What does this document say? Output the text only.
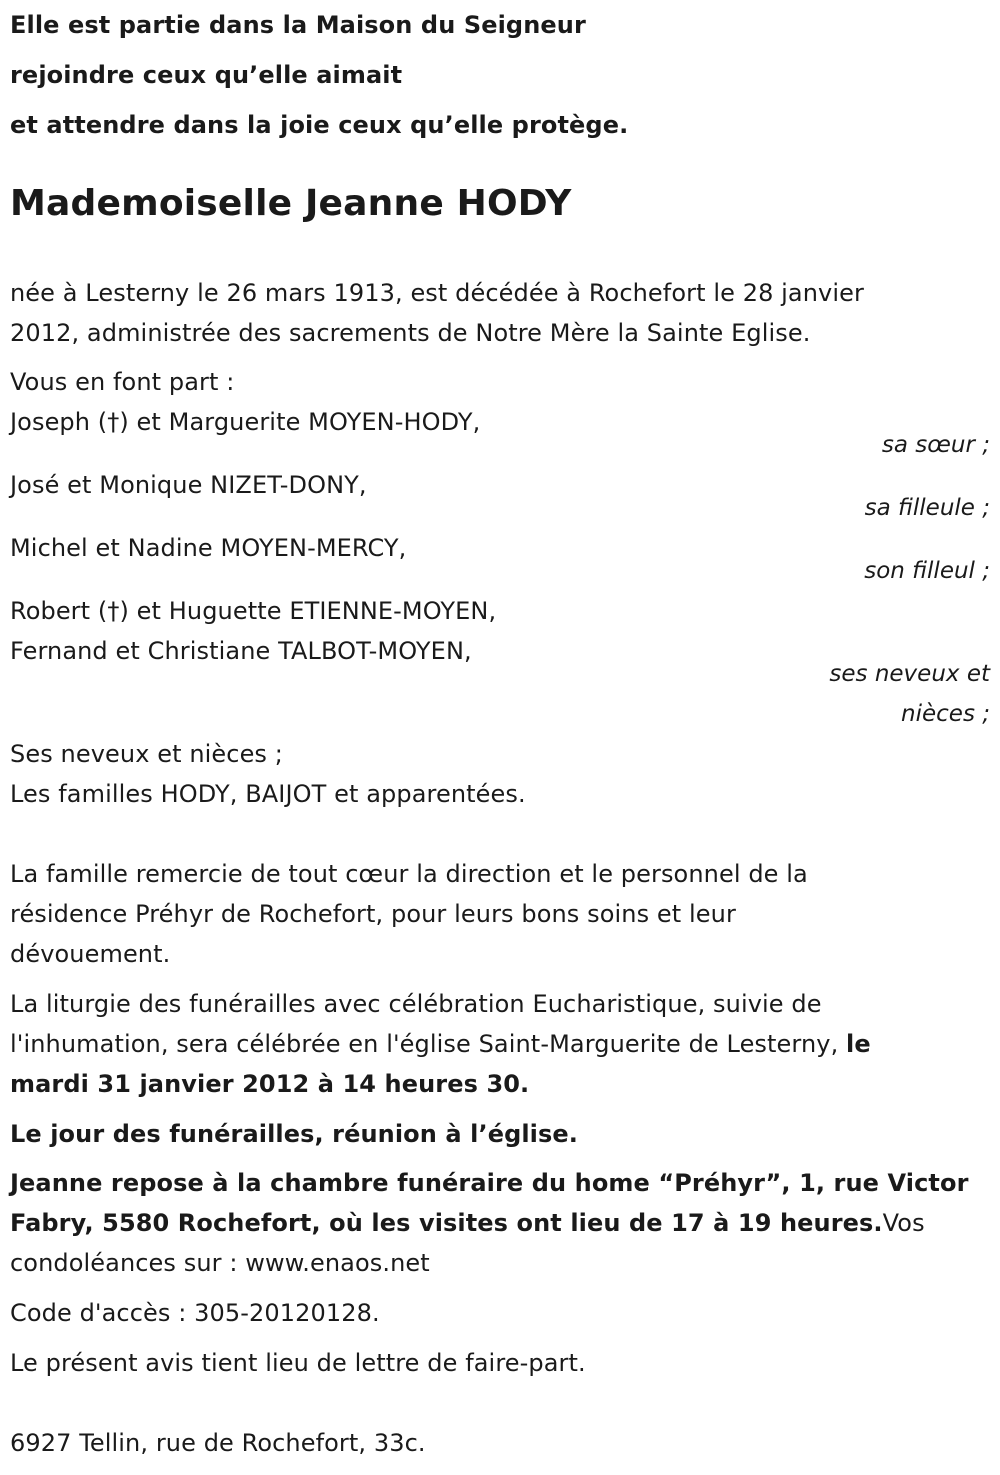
Elle est partie dans la Maison du Seigneur
rejoindre ceux qu’elle aimait
et attendre dans la joie ceux qu’elle protège.
Mademoiselle Jeanne HODY
née à Lesterny le 26 mars 1913, est décédée à Rochefort le 28 janvier
2012, administrée des sacrements de Notre Mère la Sainte Eglise.
Vous en font part :
Joseph (†) et Marguerite MOYEN-HODY,
sa sœur ;
José et Monique NIZET-DONY,
sa filleule ;
Michel et Nadine MOYEN-MERCY,
son filleul ;
Robert (†) et Huguette ETIENNE-MOYEN,
Fernand et Christiane TALBOT-MOYEN,
ses neveux et
nièces ;
Ses neveux et nièces ;
Les familles HODY, BAIJOT et apparentées.
La famille remercie de tout cœur la direction et le personnel de la
résidence Préhyr de Rochefort, pour leurs bons soins et leur
dévouement.
La liturgie des funérailles avec célébration Eucharistique, suivie de
l'inhumation, sera célébrée en l'église Saint-Marguerite de Lesterny, le
mardi 31 janvier 2012 à 14 heures 30.
Le jour des funérailles, réunion à l’église.
Jeanne repose à la chambre funéraire du home “Préhyr”, 1, rue Victor
Fabry, 5580 Rochefort, où les visites ont lieu de 17 à 19 heures.Vos
condoléances sur : www.enaos.net
Code d'accès : 305-20120128.
Le présent avis tient lieu de lettre de faire-part.
6927 Tellin, rue de Rochefort, 33c.
